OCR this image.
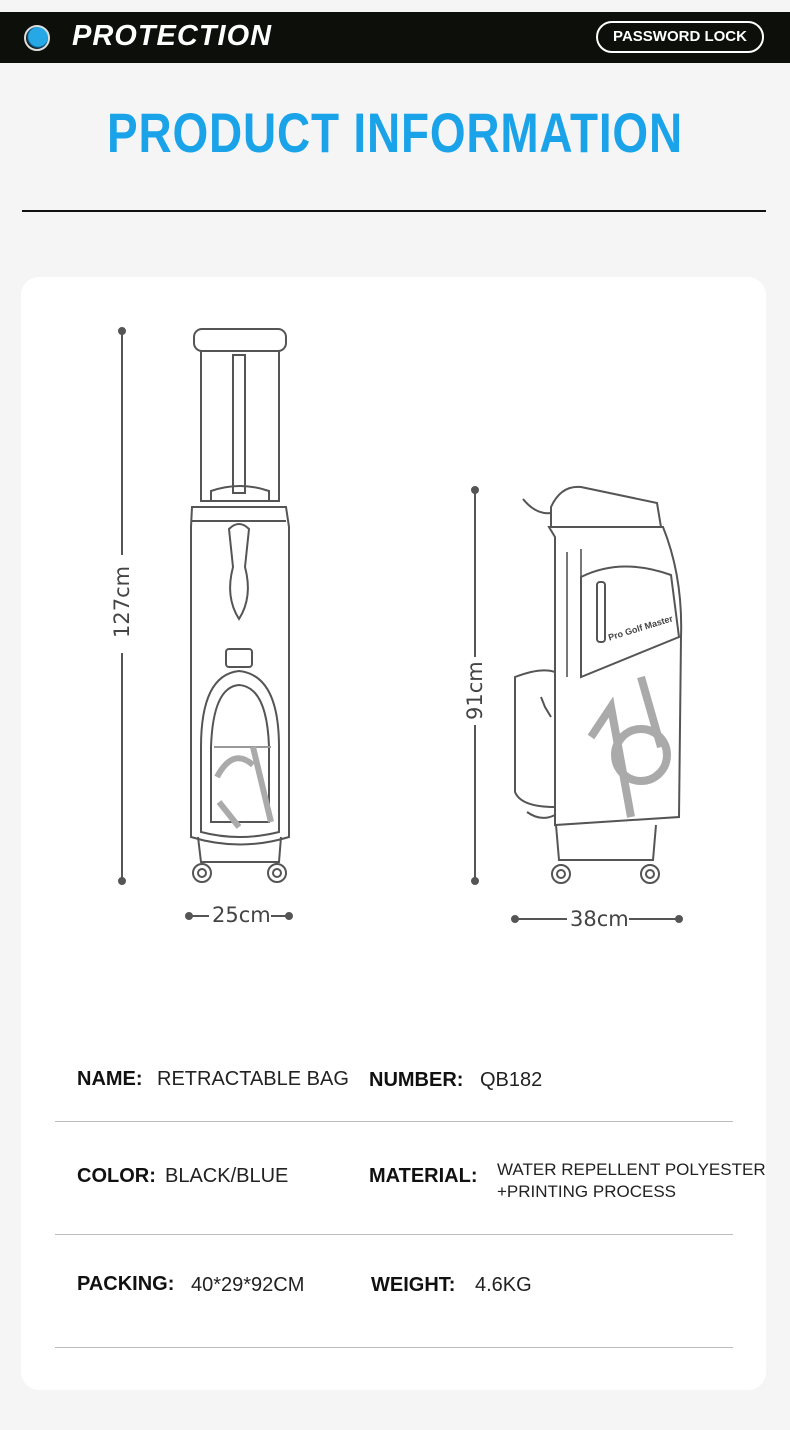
PROTECTION	PASSWORD LOCK
PRODUCT INFORMATION
127cm
25cm
91cm
38cm
Pro Golf Master
NAME: RETRACTABLE BAG NUMBER: QB182
COLOR: BLACK/BLUE	MATERIAL: WATER REPELLENT POLYESTER
+PRINTING PROCESS
PACKING: 40*29*92CM	WEIGHT: 4.6KG
